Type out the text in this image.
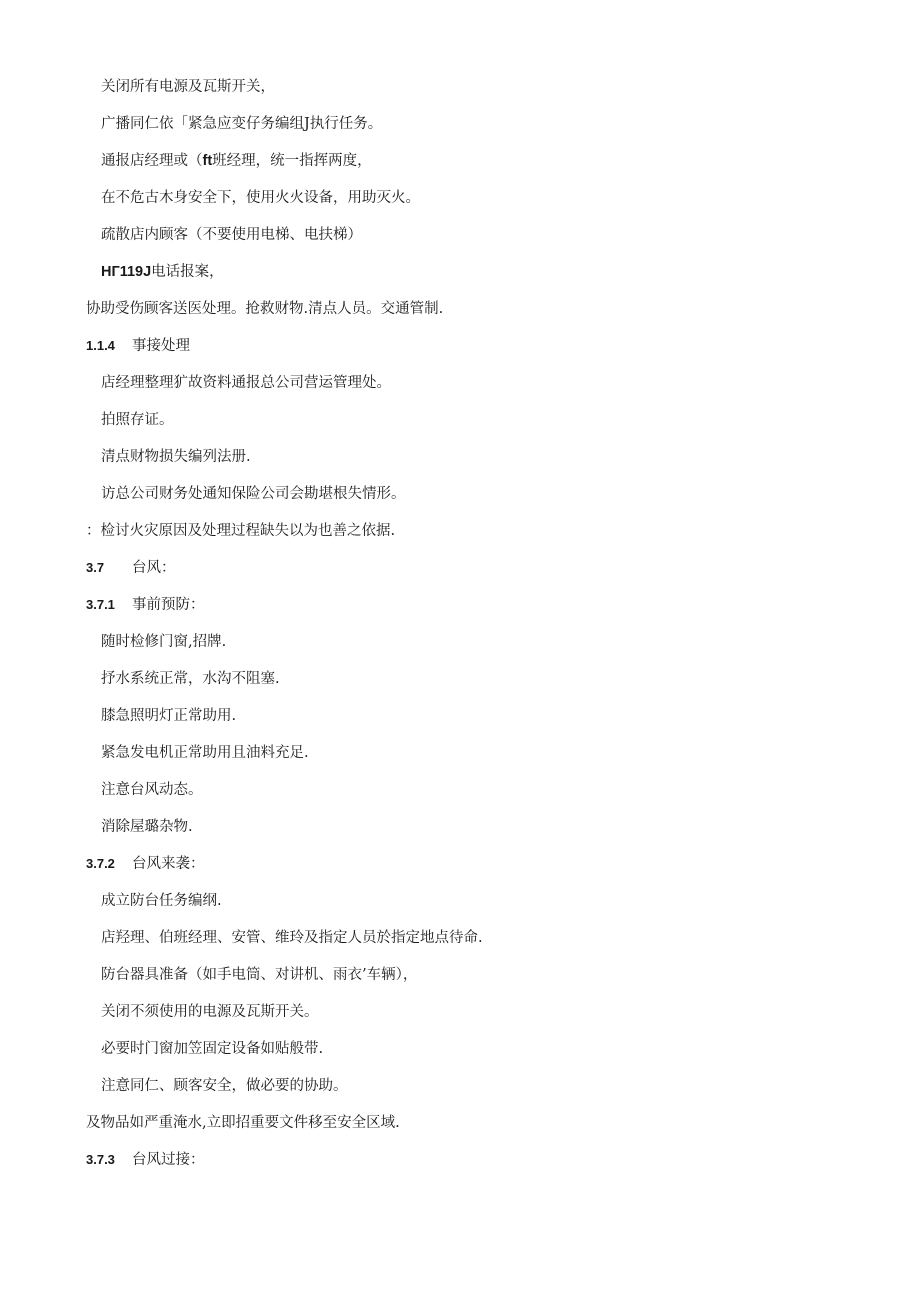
关闭所有电源及瓦斯开关，
广播同仁依「紧急应变仔务编组J执行任务。
通报店经理或（ft班经理，统一指挥两度，
在不危古木身安全下，使用火火设备，用助灭火。
疏散店内顾客（不要使用电梯、电扶梯）
HГ119J电话报案，
协助受伤顾客送医处理。抢救财物.清点人员。交通管制.
1.1.4 事接处理
店经理整理犷故资料通报总公司营运管理处。
拍照存证。
清点财物损失编列法册.
访总公司财务处通知保险公司会勘堪根失情形。
：检讨火灾原因及处理过程缺失以为也善之依据.
3.7 台风：
3.7.1 事前预防：
随时检修门窗,招牌.
抒水系统正常，水沟不阻塞.
膝急照明灯正常助用.
紧急发电机正常助用且油料充足.
注意台风动态。
消除屋璐杂物.
3.7.2 台风来袭：
成立防台任务编纲.
店羟理、伯班经理、安管、维玲及指定人员於指定地点待命.
防台器具准备（如手电筒、对讲机、雨衣’车辆），
关闭不须使用的电源及瓦斯开关。
必要时门窗加笠固定设备如贴般带.
注意同仁、顾客安全，做必要的协助。
及物品如严重淹水,立即招重要文件移至安全区域.
3.7.3 台风过接：
